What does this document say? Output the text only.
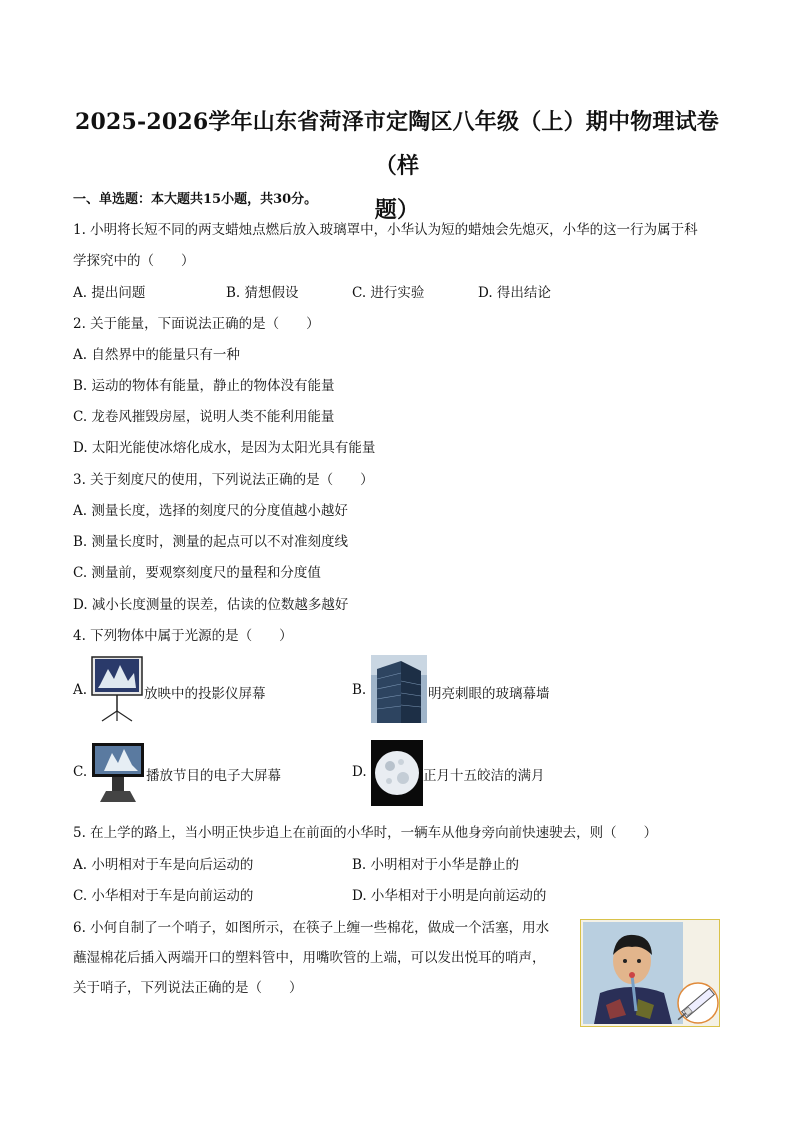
2025-2026学年山东省菏泽市定陶区八年级（上）期中物理试卷（样
题）
一、单选题：本大题共15小题，共30分。
1. 小明将长短不同的两支蜡烛点燃后放入玻璃罩中，小华认为短的蜡烛会先熄灭，小华的这一行为属于科
学探究中的（　　）
A. 提出问题	B. 猜想假设	C. 进行实验	D. 得出结论
2. 关于能量，下面说法正确的是（　　）
A. 自然界中的能量只有一种
B. 运动的物体有能量，静止的物体没有能量
C. 龙卷风摧毁房屋，说明人类不能利用能量
D. 太阳光能使冰熔化成水，是因为太阳光具有能量
3. 关于刻度尺的使用，下列说法正确的是（　　）
A. 测量长度，选择的刻度尺的分度值越小越好
B. 测量长度时，测量的起点可以不对准刻度线
C. 测量前，要观察刻度尺的量程和分度值
D. 减小长度测量的误差，估读的位数越多越好
4. 下列物体中属于光源的是（　　）
A.	放映中的投影仪屏幕	B.	明亮刺眼的玻璃幕墙
C.	播放节目的电子大屏幕	D.	正月十五皎洁的满月
5. 在上学的路上，当小明正快步追上在前面的小华时，一辆车从他身旁向前快速驶去，则（　　）
A. 小明相对于车是向后运动的	B. 小明相对于小华是静止的
C. 小华相对于车是向前运动的	D. 小华相对于小明是向前运动的
6. 小何自制了一个哨子，如图所示，在筷子上缠一些棉花，做成一个活塞，用水
蘸湿棉花后插入两端开口的塑料管中，用嘴吹管的上端，可以发出悦耳的哨声，
关于哨子，下列说法正确的是（　　）
